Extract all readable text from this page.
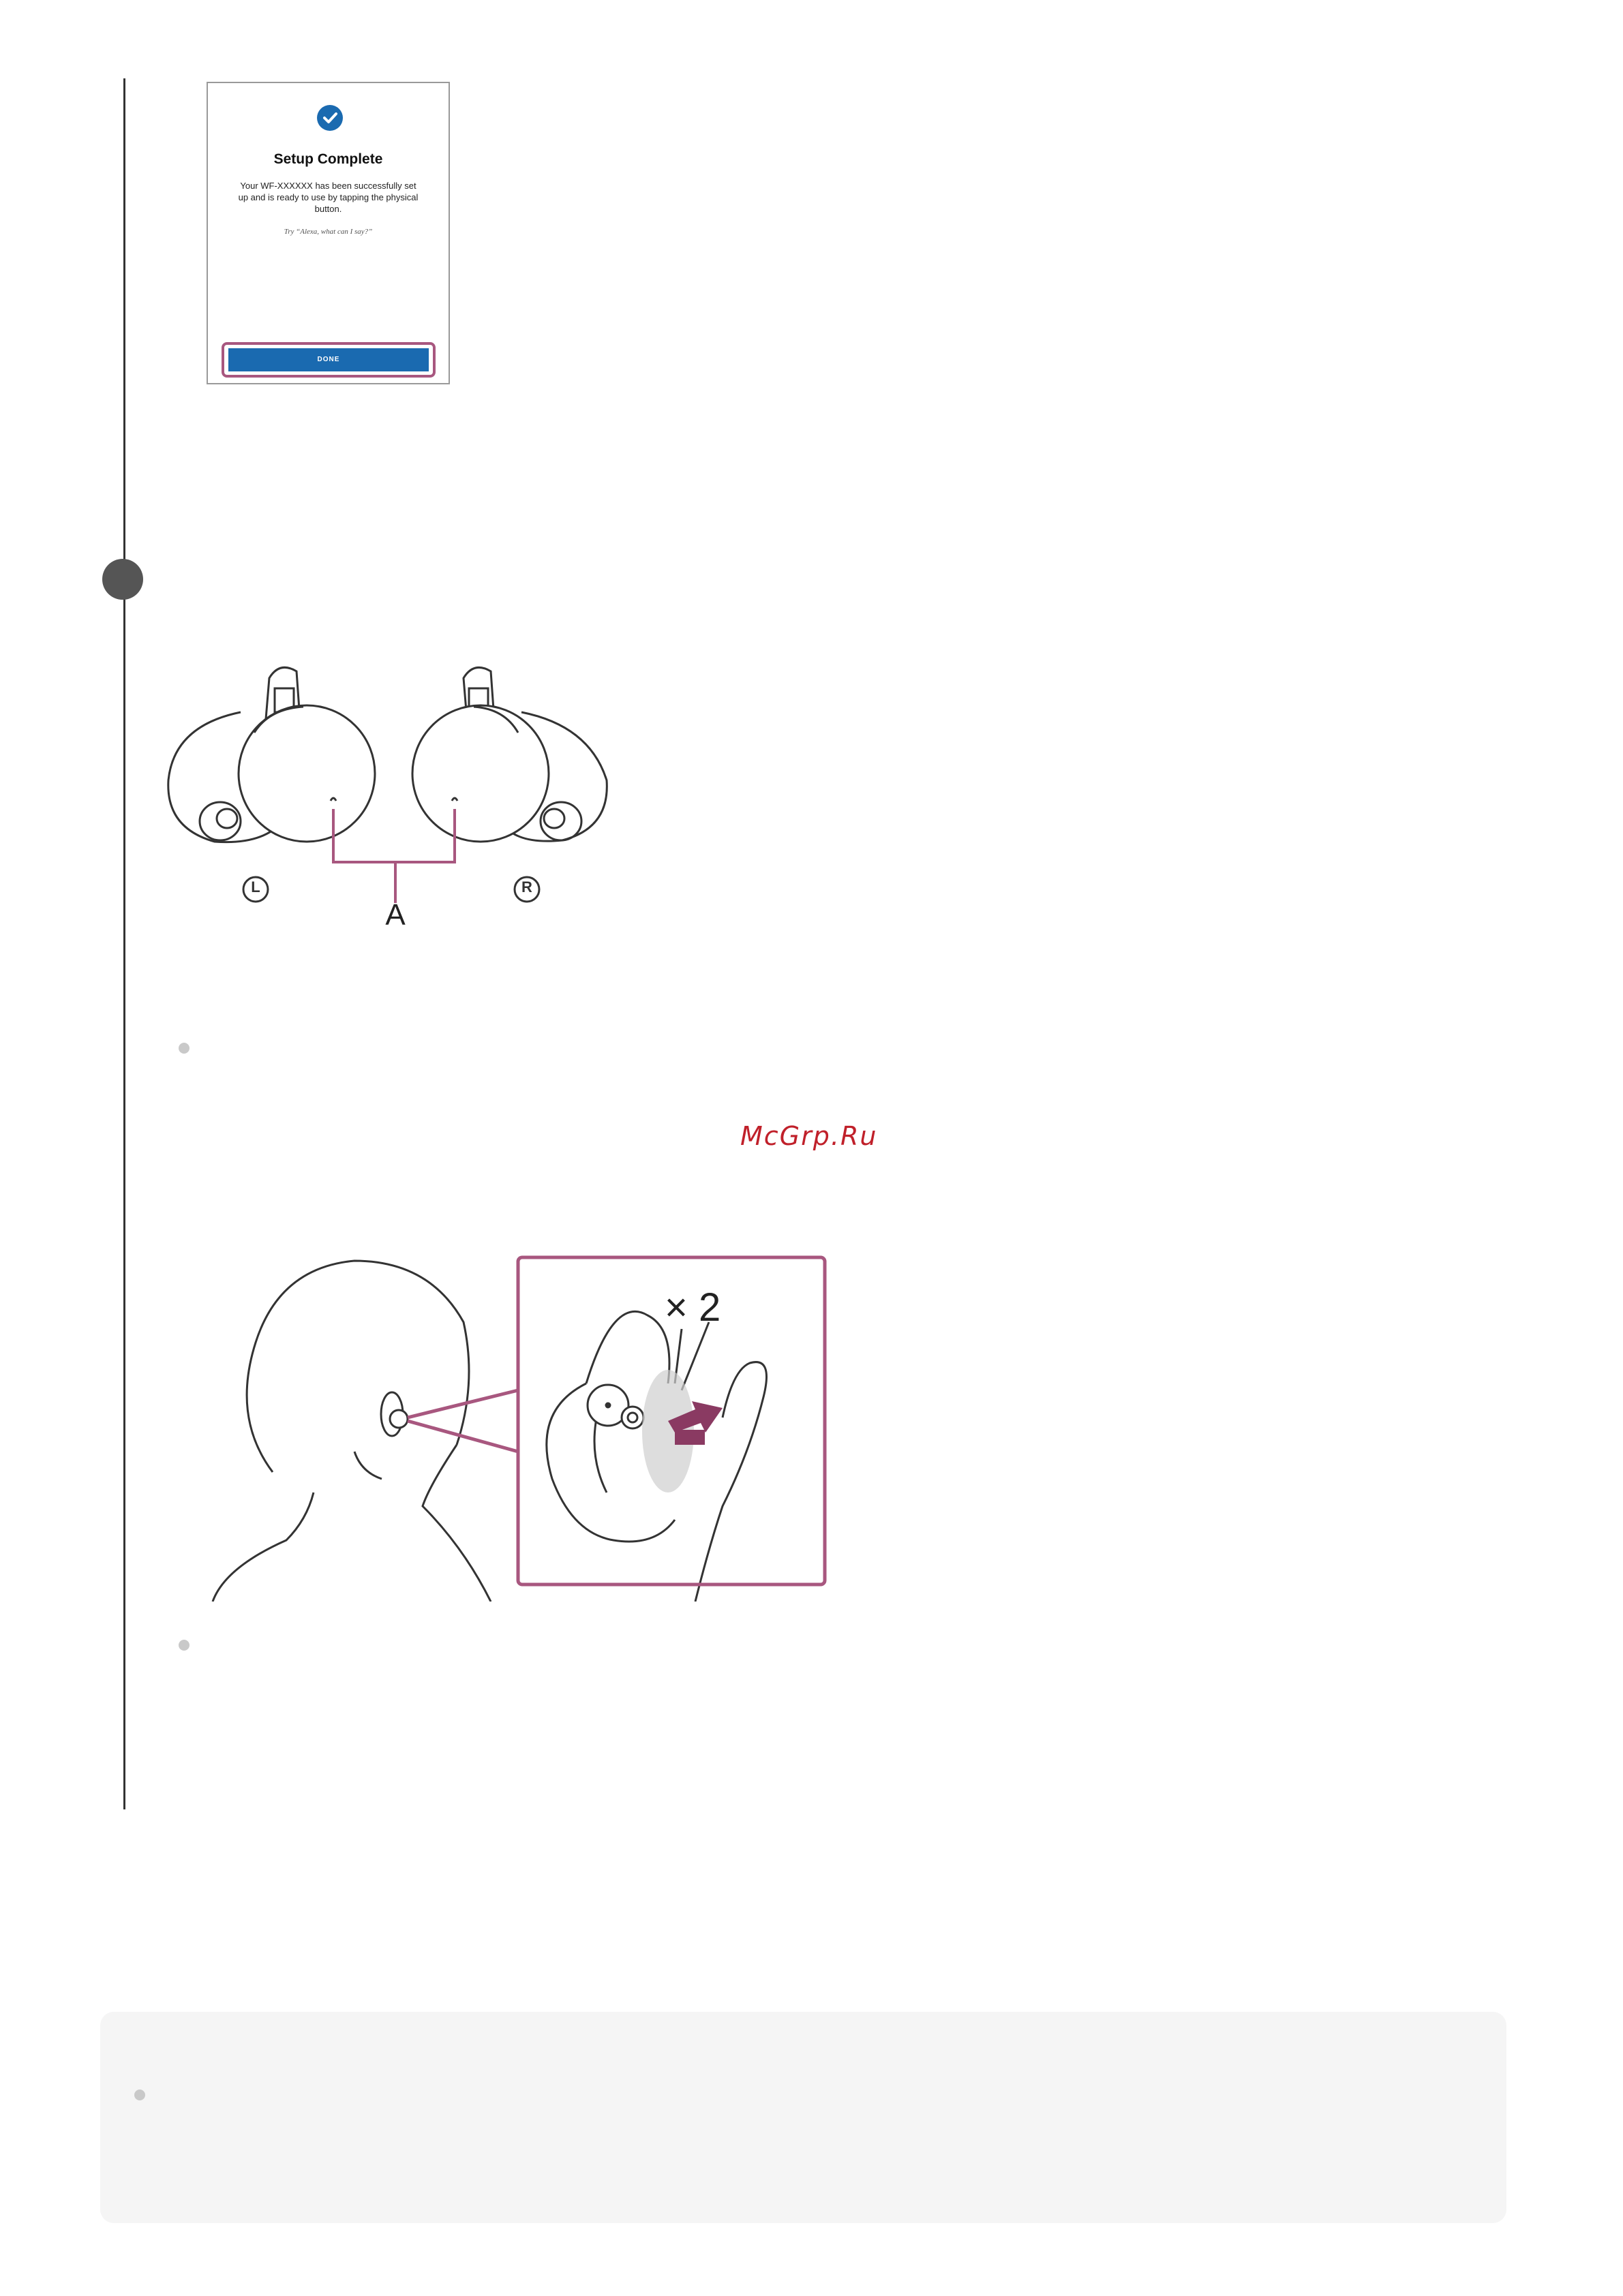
Setup Complete
Your WF-XXXXXX has been successfully set up and is ready to use by tapping the physical button.
Try “Alexa, what can I say?”
DONE
L	R
A
McGrp.Ru
× 2
